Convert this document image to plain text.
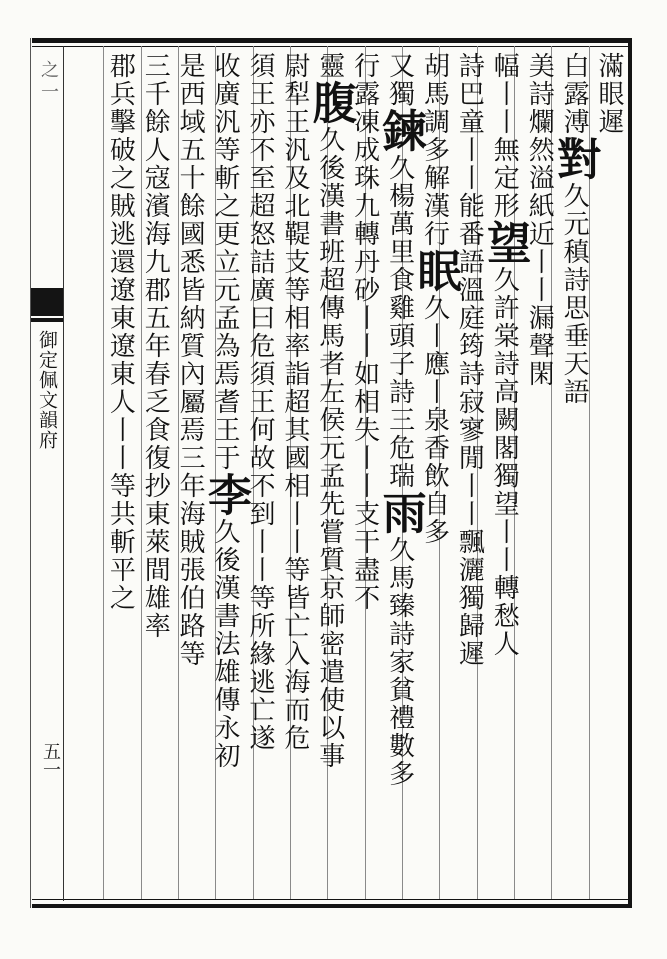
之一
御定佩文韻府
五一
滿眼遲
白露溥對久元稹詩思垂天語
美詩爛然溢紙近丨丨漏聲閑
幅丨丨無定形望久許棠詩高闕閣獨望丨丨轉愁人
詩巴童丨丨能番語溫庭筠詩寂寥閒丨丨飄灑獨歸遲
胡馬調多解漢行眠久丨應丨泉香飲自多
又獨鍊久楊萬里食雞頭子詩三危瑞雨久馬臻詩家貧禮數多
行露凍成珠九轉丹砂丨丨如相失丨丨支干盡不
靈腹久後漢書班超傳馬者左侯元孟先嘗質京師密遣使以事
尉犁王汎及北鞮支等相率詣超其國相丨丨等皆亡入海而危
須王亦不至超怒詰廣曰危須王何故不到丨丨等所緣逃亡遂
收廣汎等斬之更立元孟為焉耆王于李久後漢書法雄傳永初
是西域五十餘國悉皆納質內屬焉三年海賊張伯路等
三千餘人寇濱海九郡五年春乏食復抄東萊間雄率
郡兵擊破之賊逃還遼東遼東人丨丨等共斬平之
